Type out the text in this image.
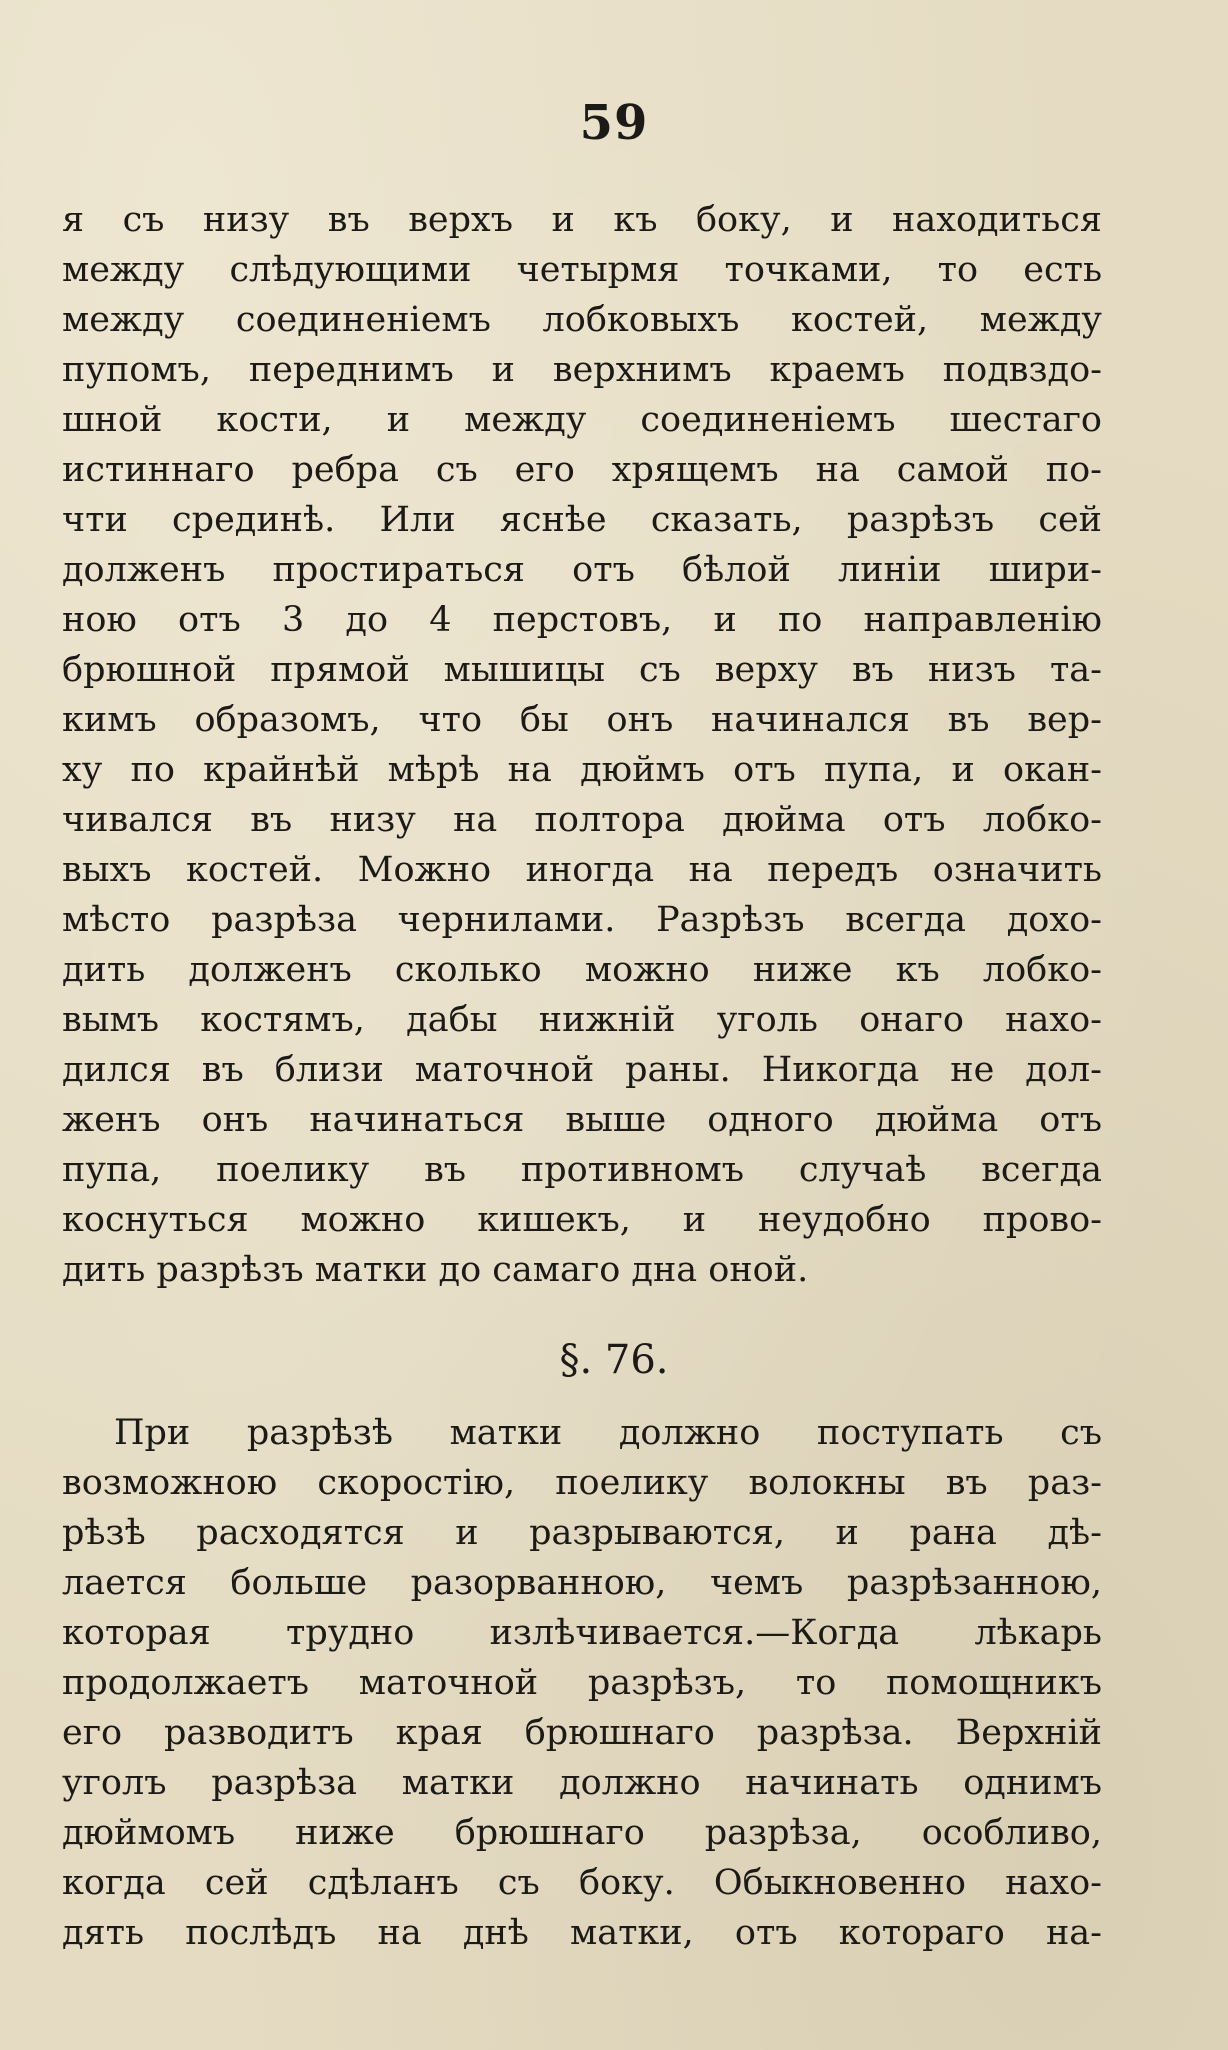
59
я съ низу въ верхъ и къ боку, и находиться
между слѣдующими четырмя точками, то есть
между соединенiемъ лобковыхъ костей, между
пупомъ, переднимъ и верхнимъ краемъ подвздо-
шной кости, и между соединенiемъ шестаго
истиннаго ребра съ его хрящемъ на самой по-
чти срединѣ. Или яснѣе сказать, разрѣзъ сей
долженъ простираться отъ бѣлой линiи шири-
ною отъ 3 до 4 перстовъ, и по направленiю
брюшной прямой мышицы съ верху въ низъ та-
кимъ образомъ, что бы онъ начинался въ вер-
ху по крайнѣй мѣрѣ на дюймъ отъ пупа, и окан-
чивался въ низу на полтора дюйма отъ лобко-
выхъ костей. Можно иногда на передъ означить
мѣсто разрѣза чернилами. Разрѣзъ всегда дохо-
дить долженъ сколько можно ниже къ лобко-
вымъ костямъ, дабы нижнiй уголь онаго нахо-
дился въ близи маточной раны. Никогда не дол-
женъ онъ начинаться выше одного дюйма отъ
пупа, поелику въ противномъ случаѣ всегда
коснуться можно кишекъ, и неудобно прово-
дить разрѣзъ матки до самаго дна оной.
§. 76.
При разрѣзѣ матки должно поступать съ
возможною скоростiю, поелику волокны въ раз-
рѣзѣ расходятся и разрываются, и рана дѣ-
лается больше разорванною, чемъ разрѣзанною,
которая трудно излѣчивается.—Когда лѣкарь
продолжаетъ маточной разрѣзъ, то помощникъ
его разводитъ края брюшнаго разрѣза. Верхнiй
уголъ разрѣза матки должно начинать однимъ
дюймомъ ниже брюшнаго разрѣза, особливо,
когда сей сдѣланъ съ боку. Обыкновенно нахо-
дять послѣдъ на днѣ матки, отъ котораго на-
